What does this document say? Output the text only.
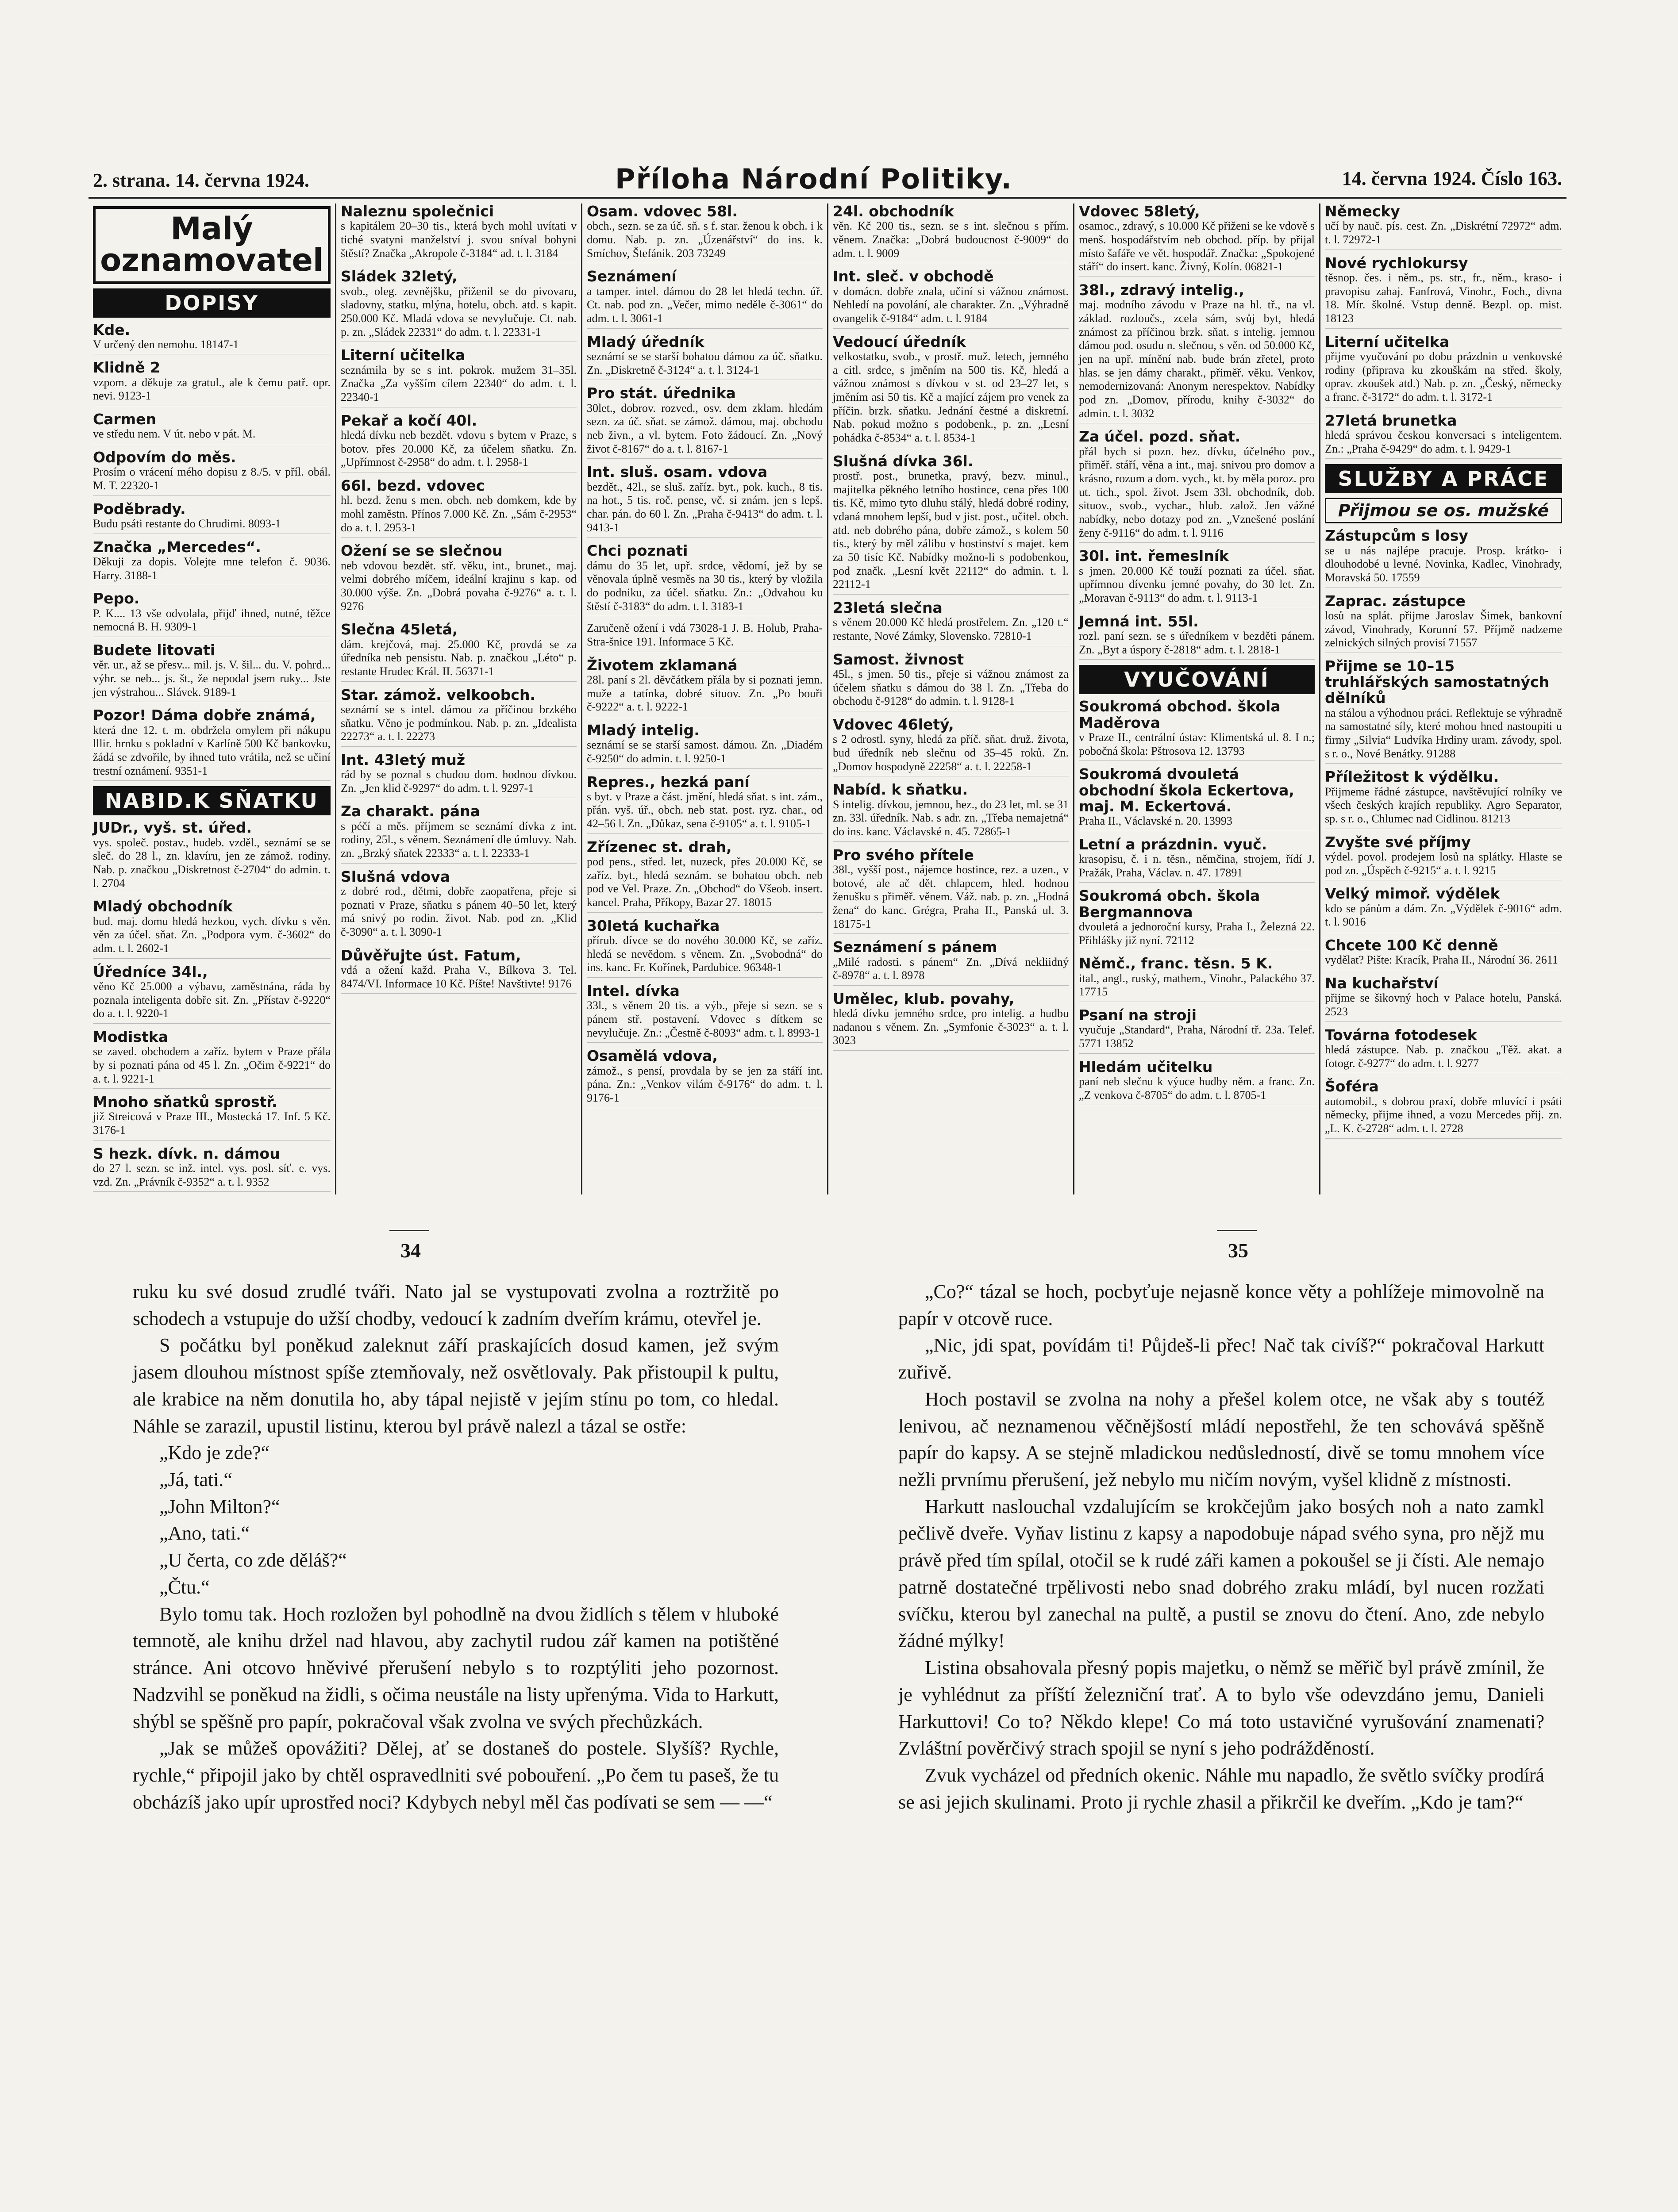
2. strana. 14. června 1924.	Příloha Národní Politiky.	14. června 1924. Číslo 163.
Malý
oznamovatel
DOPISY
Kde.
V určený den nemohu. 18147-1
Klidně 2
vzpom. a děkuje za gratul., ale k čemu patř. opr. nevi. 9123-1
Carmen
ve středu nem. V út. nebo v pát. M.
Odpovím do měs.
Prosím o vrácení mého dopisu z 8./5. v příl. obál. M. T. 22320-1
Poděbrady.
Budu psáti restante do Chrudimi. 8093-1
Značka „Mercedes“.
Děkuji za dopis. Volejte mne telefon č. 9036. Harry. 3188-1
Pepo.
P. K.... 13 vše odvolala, přijď ihned, nutné, těžce nemocná B. H. 9309-1
Budete litovati
věr. ur., až se přesv... mil. js. V. šil... du. V. pohrd... výhr. se neb... js. št., že nepodal jsem ruky... Jste jen výstrahou... Slávek. 9189-1
Pozor! Dáma dobře známá,
která dne 12. t. m. obdržela omylem při nákupu lllir. hrnku s pokladní v Karlíně 500 Kč bankovku, žádá se zdvořile, by ihned tuto vrátila, než se učiní trestní oznámení. 9351-1
NABID.K SŇATKU
JUDr., vyš. st. úřed.
vys. společ. postav., hudeb. vzděl., seznámí se se sleč. do 28 l., zn. klavíru, jen ze zámož. rodiny. Nab. p. značkou „Diskretnost č-2704“ do admin. t. l. 2704
Mladý obchodník
bud. maj. domu hledá hezkou, vych. dívku s věn. věn za účel. sňat. Zn. „Podpora vym. č-3602“ do adm. t. l. 2602-1
Úředníce 34l.,
věno Kč 25.000 a výbavu, zaměstnána, ráda by poznala inteligenta dobře sit. Zn. „Přístav č-9220“ do a. t. l. 9220-1
Modistka
se zaved. obchodem a zaříz. bytem v Praze přála by si poznati pána od 45 l. Zn. „Očim č-9221“ do a. t. l. 9221-1
Mnoho sňatků sprostř.
již Streicová v Praze III., Mostecká 17. Inf. 5 Kč. 3176-1
S hezk. dívk. n. dámou
do 27 l. sezn. se inž. intel. vys. posl. síť. e. vys. vzd. Zn. „Právník č-9352“ a. t. l. 9352
Naleznu společnici
s kapitálem 20–30 tis., která bych mohl uvítati v tiché svatyni manželství j. svou sníval bohyni štěstí? Značka „Akropole č-3184“ ad. t. l. 3184
Sládek 32letý,
svob., oleg. zevnějšku, přiženil se do pivovaru, sladovny, statku, mlýna, hotelu, obch. atd. s kapit. 250.000 Kč. Mladá vdova se nevylučuje. Ct. nab. p. zn. „Sládek 22331“ do adm. t. l. 22331-1
Literní učitelka
seznámila by se s int. pokrok. mužem 31–35l. Značka „Za vyšším cílem 22340“ do adm. t. l. 22340-1
Pekař a kočí 40l.
hledá dívku neb bezdět. vdovu s bytem v Praze, s botov. přes 20.000 Kč, za účelem sňatku. Zn. „Upřímnost č-2958“ do adm. t. l. 2958-1
66l. bezd. vdovec
hl. bezd. ženu s men. obch. neb domkem, kde by mohl zaměstn. Přínos 7.000 Kč. Zn. „Sám č-2953“ do a. t. l. 2953-1
Ožení se se slečnou
neb vdovou bezdět. stř. věku, int., brunet., maj. velmi dobrého míčem, ideální krajinu s kap. od 30.000 výše. Zn. „Dobrá povaha č-9276“ a. t. l. 9276
Slečna 45letá,
dám. krejčová, maj. 25.000 Kč, provdá se za úředníka neb pensistu. Nab. p. značkou „Léto“ p. restante Hrudec Král. II. 56371-1
Star. zámož. velkoobch.
seznámí se s intel. dámou za příčinou brzkého sňatku. Věno je podmínkou. Nab. p. zn. „Idealista 22273“ a. t. l. 22273
Int. 43letý muž
rád by se poznal s chudou dom. hodnou dívkou. Zn. „Jen klid č-9297“ do adm. t. l. 9297-1
Za charakt. pána
s péčí a měs. příjmem se seznámí dívka z int. rodiny, 25l., s věnem. Seznámení dle úmluvy. Nab. zn. „Brzký sňatek 22333“ a. t. l. 22333-1
Slušná vdova
z dobré rod., dětmi, dobře zaopatřena, přeje si poznati v Praze, sňatku s pánem 40–50 let, který má snivý po rodin. život. Nab. pod zn. „Klid č-3090“ a. t. l. 3090-1
Důvěřujte úst. Fatum,
vdá a ožení každ. Praha V., Bílkova 3. Tel. 8474/VI. Informace 10 Kč. Píšte! Navštivte! 9176
Osam. vdovec 58l.
obch., sezn. se za úč. sň. s f. star. ženou k obch. i k domu. Nab. p. zn. „Úzenářství“ do ins. k. Smíchov, Štefánik. 203 73249
Seznámení
a tamper. intel. dámou do 28 let hledá techn. úř. Ct. nab. pod zn. „Večer, mimo neděle č-3061“ do adm. t. l. 3061-1
Mladý úředník
seznámí se se starší bohatou dámou za úč. sňatku. Zn. „Diskretně č-3124“ a. t. l. 3124-1
Pro stát. úřednika
30let., dobrov. rozved., osv. dem zklam. hledám sezn. za úč. sňat. se zámož. dámou, maj. obchodu neb živn., a vl. bytem. Foto žádoucí. Zn. „Nový život č-8167“ do a. t. l. 8167-1
Int. sluš. osam. vdova
bezdět., 42l., se sluš. zaříz. byt., pok. kuch., 8 tis. na hot., 5 tis. roč. pense, vč. si znám. jen s lepš. char. pán. do 60 l. Zn. „Praha č-9413“ do adm. t. l. 9413-1
Chci poznati
dámu do 35 let, upř. srdce, vědomí, jež by se věnovala úplně vesměs na 30 tis., který by vložila do podniku, za účel. sňatku. Zn.: „Odvahou ku štěstí č-3183“ do adm. t. l. 3183-1
Zaručeně ožení i vdá 73028-1 J. B. Holub, Praha-Stra-šnice 191. Informace 5 Kč.
Životem zklamaná
28l. paní s 2l. děvčátkem přála by si poznati jemn. muže a tatínka, dobré situov. Zn. „Po bouři č-9222“ a. t. l. 9222-1
Mladý intelig.
seznámí se se starší samost. dámou. Zn. „Diadém č-9250“ do admin. t. l. 9250-1
Repres., hezká paní
s byt. v Praze a část. jmění, hledá sňat. s int. zám., přán. vyš. úř., obch. neb stat. post. ryz. char., od 42–56 l. Zn. „Důkaz, sena č-9105“ a. t. l. 9105-1
Zřízenec st. drah,
pod pens., střed. let, nuzeck, přes 20.000 Kč, se zaříz. byt., hledá seznám. se bohatou obch. neb pod ve Vel. Praze. Zn. „Obchod“ do Všeob. insert. kancel. Praha, Příkopy, Bazar 27. 18015
30letá kuchařka
přírub. dívce se do nového 30.000 Kč, se zaříz. hledá se nevědom. s věnem. Zn. „Svobodná“ do ins. kanc. Fr. Kořínek, Pardubice. 96348-1
Intel. dívka
33l., s věnem 20 tis. a výb., přeje si sezn. se s pánem stř. postavení. Vdovec s dítkem se nevylučuje. Zn.: „Čestně č-8093“ adm. t. l. 8993-1
Osamělá vdova,
zámož., s pensí, provdala by se jen za stáří int. pána. Zn.: „Venkov vilám č-9176“ do adm. t. l. 9176-1
24l. obchodník
věn. Kč 200 tis., sezn. se s int. slečnou s přím. věnem. Značka: „Dobrá budoucnost č-9009“ do adm. t. l. 9009
Int. sleč. v obchodě
v domácn. dobře znala, učiní si vážnou známost. Nehledí na povolání, ale charakter. Zn. „Výhradně ovangelik č-9184“ adm. t. l. 9184
Vedoucí úředník
velkostatku, svob., v prostř. muž. letech, jemného a citl. srdce, s jměním na 500 tis. Kč, hledá a vážnou známost s dívkou v st. od 23–27 let, s jměním asi 50 tis. Kč a mající zájem pro venek za příčin. brzk. sňatku. Jednání čestné a diskretní. Nab. pokud možno s podobenk., p. zn. „Lesní pohádka č-8534“ a. t. l. 8534-1
Slušná dívka 36l.
prostř. post., brunetka, pravý, bezv. minul., majitelka pěkného letního hostince, cena přes 100 tis. Kč, mimo tyto dluhu stálý, hledá dobré rodiny, vdaná mnohem lepší, bud v jist. post., učitel. obch. atd. neb dobrého pána, dobře zámož., s kolem 50 tis., který by měl zálibu v hostinství s majet. kem za 50 tisíc Kč. Nabídky možno-li s podobenkou, pod značk. „Lesní květ 22112“ do admin. t. l. 22112-1
23letá slečna
s věnem 20.000 Kč hledá prostřelem. Zn. „120 t.“ restante, Nové Zámky, Slovensko. 72810-1
Samost. živnost
45l., s jmen. 50 tis., přeje si vážnou známost za účelem sňatku s dámou do 38 l. Zn. „Třeba do obchodu č-9128“ do admin. t. l. 9128-1
Vdovec 46letý,
s 2 odrostl. syny, hledá za příč. sňat. druž. života, bud úředník neb slečnu od 35–45 roků. Zn. „Domov hospodyně 22258“ a. t. l. 22258-1
Nabíd. k sňatku.
S intelig. dívkou, jemnou, hez., do 23 let, ml. se 31 zn. 33l. úředník. Nab. s adr. zn. „Třeba nemajetná“ do ins. kanc. Václavské n. 45. 72865-1
Pro svého přítele
38l., vyšší post., nájemce hostince, rez. a uzen., v botové, ale ač dět. chlapcem, hled. hodnou ženušku s přiměř. věnem. Váž. nab. p. zn. „Hodná žena“ do kanc. Grégra, Praha II., Panská ul. 3. 18175-1
Seznámení s pánem
„Milé radosti. s pánem“ Zn. „Dívá nekliidný č-8978“ a. t. l. 8978
Umělec, klub. povahy,
hledá dívku jemného srdce, pro intelig. a hudbu nadanou s věnem. Zn. „Symfonie č-3023“ a. t. l. 3023
Vdovec 58letý,
osamoc., zdravý, s 10.000 Kč přiženi se ke vdově s menš. hospodářstvím neb obchod. příp. by přijal místo šafáře ve vět. hospodář. Značka: „Spokojené stáří“ do insert. kanc. Živný, Kolín. 06821-1
38l., zdravý intelig.,
maj. modního závodu v Praze na hl. tř., na vl. základ. rozloučs., zcela sám, svůj byt, hledá známost za příčinou brzk. sňat. s intelig. jemnou dámou pod. osudu n. slečnou, s věn. od 50.000 Kč, jen na upř. mínění nab. bude brán zřetel, proto hlas. se jen dámy charakt., přiměř. věku. Venkov, nemodernizovaná: Anonym nerespektov. Nabídky pod zn. „Domov, přírodu, knihy č-3032“ do admin. t. l. 3032
Za účel. pozd. sňat.
přál bych si pozn. hez. dívku, účelného pov., přiměř. stáří, věna a int., maj. snivou pro domov a krásno, rozum a dom. vych., kt. by měla poroz. pro ut. tich., spol. život. Jsem 33l. obchodník, dob. situov., svob., vychar., hlub. založ. Jen vážné nabídky, nebo dotazy pod zn. „Vznešené poslání ženy č-9116“ do adm. t. l. 9116
30l. int. řemeslník
s jmen. 20.000 Kč touží poznati za účel. sňat. upřímnou dívenku jemné povahy, do 30 let. Zn. „Moravan č-9113“ do adm. t. l. 9113-1
Jemná int. 55l.
rozl. paní sezn. se s úředníkem v bezděti pánem. Zn. „Byt a úspory č-2818“ adm. t. l. 2818-1
VYUČOVÁNÍ
Soukromá obchod. škola Maděrova
v Praze II., centrální ústav: Klimentská ul. 8. I n.; pobočná škola: Pštrosova 12. 13793
Soukromá dvouletá obchodní škola Eckertova, maj. M. Eckertová.
Praha II., Václavské n. 20. 13993
Letní a prázdnin. vyuč.
krasopisu, č. i n. těsn., němčina, strojem, řídí J. Pražák, Praha, Václav. n. 47. 17891
Soukromá obch. škola Bergmannova
dvouletá a jednoroční kursy, Praha I., Železná 22. Přihlášky již nyní. 72112
Němč., franc. těsn. 5 K.
ital., angl., ruský, mathem., Vinohr., Palackého 37. 17715
Psaní na stroji
vyučuje „Standard“, Praha, Národní tř. 23a. Telef. 5771 13852
Hledám učitelku
paní neb slečnu k výuce hudby něm. a franc. Zn. „Z venkova č-8705“ do adm. t. l. 8705-1
Německy
učí by nauč. pís. cest. Zn. „Diskrétní 72972“ adm. t. l. 72972-1
Nové rychlokursy
těsnop. čes. i něm., ps. str., fr., něm., kraso- i pravopisu zahaj. Fanfrová, Vinohr., Foch., divna 18. Mír. školné. Vstup denně. Bezpl. op. mist. 18123
Literní učitelka
přijme vyučování po dobu prázdnin u venkovské rodiny (připrava ku zkouškám na střed. školy, oprav. zkoušek atd.) Nab. p. zn. „Český, německy a franc. č-3172“ do adm. t. l. 3172-1
27letá brunetka
hledá správou českou konversaci s inteligentem. Zn.: „Praha č-9429“ do adm. t. l. 9429-1
SLUŽBY A PRÁCE
Přijmou se os. mužské
Zástupcům s losy
se u nás najlépe pracuje. Prosp. krátko- i dlouhodobé u levné. Novinka, Kadlec, Vinohrady, Moravská 50. 17559
Zaprac. zástupce
losů na splát. přijme Jaroslav Šimek, bankovní závod, Vinohrady, Korunní 57. Příjmě nadzeme zelnických silných provisí 71557
Přijme se 10–15 truhlářských samostatných dělníků
na stálou a výhodnou práci. Reflektuje se výhradně na samostatné síly, které mohou hned nastoupiti u firmy „Silvia“ Ludvíka Hrdiny uram. závody, spol. s r. o., Nové Benátky. 91288
Příležitost k výdělku.
Přijmeme řádné zástupce, navštěvující rolníky ve všech českých krajích republiky. Agro Separator, sp. s r. o., Chlumec nad Cidlinou. 81213
Zvyšte své příjmy
výdel. povol. prodejem losů na splátky. Hlaste se pod zn. „Úspěch č-9215“ a. t. l. 9215
Velký mimoř. výdělek
kdo se pánům a dám. Zn. „Výdělek č-9016“ adm. t. l. 9016
Chcete 100 Kč denně
vydělat? Pište: Kracík, Praha II., Národní 36. 2611
Na kuchařství
přijme se šikovný hoch v Palace hotelu, Panská. 2523
Továrna fotodesek
hledá zástupce. Nab. p. značkou „Těž. akat. a fotogr. č-9277“ do adm. t. l. 9277
Šoféra
automobil., s dobrou praxí, dobře mluvící i psáti německy, přijme ihned, a vozu Mercedes přij. zn. „L. K. č-2728“ adm. t. l. 2728
34	35

ruku ku své dosud zrudlé tváři. Nato jal se vystupovati zvolna a roztržitě po schodech a vstupuje do užší chodby, vedoucí k zadním dveřím krámu, otevřel je.

S počátku byl poněkud zaleknut září praskajících dosud kamen, jež svým jasem dlouhou místnost spíše ztemňovaly, než osvětlovaly. Pak přistoupil k pultu, ale krabice na něm donutila ho, aby tápal nejistě v jejím stínu po tom, co hledal. Náhle se zarazil, upustil listinu, kterou byl právě nalezl a tázal se ostře:

„Kdo je zde?“

„Já, tati.“

„John Milton?“

„Ano, tati.“

„U čerta, co zde děláš?“

„Čtu.“

Bylo tomu tak. Hoch rozložen byl pohodlně na dvou židlích s tělem v hluboké temnotě, ale knihu držel nad hlavou, aby zachytil rudou zář kamen na potištěné stránce. Ani otcovo hněvivé přerušení nebylo s to rozptýliti jeho pozornost. Nadzvihl se poněkud na židli, s očima neustále na listy upřenýma. Vida to Harkutt, shýbl se spěšně pro papír, pokračoval však zvolna ve svých přechůzkách.

„Jak se můžeš opovážiti? Dělej, ať se dostaneš do postele. Slyšíš? Rychle, rychle,“ připojil jako by chtěl ospravedlniti své pobouření. „Po čem tu paseš, že tu obcházíš jako upír uprostřed noci? Kdybych nebyl měl čas podívati se sem — —“

„Co?“ tázal se hoch, pocbyťuje nejasně konce věty a pohlížeje mimovolně na papír v otcově ruce.

„Nic, jdi spat, povídám ti! Půjdeš-li přec! Nač tak civíš?“ pokračoval Harkutt zuřivě.

Hoch postavil se zvolna na nohy a přešel kolem otce, ne však aby s toutéž lenivou, ač neznamenou věčnějšostí mládí nepostřehl, že ten schovává spěšně papír do kapsy. A se stejně mladickou nedůsledností, divě se tomu mnohem více nežli prvnímu přerušení, jež nebylo mu ničím novým, vyšel klidně z místnosti.

Harkutt naslouchal vzdalujícím se krokčejům jako bosých noh a nato zamkl pečlivě dveře. Vyňav listinu z kapsy a napodobuje nápad svého syna, pro nějž mu právě před tím spílal, otočil se k rudé záři kamen a pokoušel se ji čísti. Ale nemajo patrně dostatečné trpělivosti nebo snad dobrého zraku mládí, byl nucen rozžati svíčku, kterou byl zanechal na pultě, a pustil se znovu do čtení. Ano, zde nebylo žádné mýlky!

Listina obsahovala přesný popis majetku, o němž se měřič byl právě zmínil, že je vyhlédnut za příští železniční trať. A to bylo vše odevzdáno jemu, Danieli Harkuttovi! Co to? Někdo klepe! Co má toto ustavičné vyrušování znamenati? Zvláštní pověrčivý strach spojil se nyní s jeho podrážděností.

Zvuk vycházel od předních okenic. Náhle mu napadlo, že světlo svíčky prodírá se asi jejich skulinami. Proto ji rychle zhasil a přikrčil ke dveřím. „Kdo je tam?“
